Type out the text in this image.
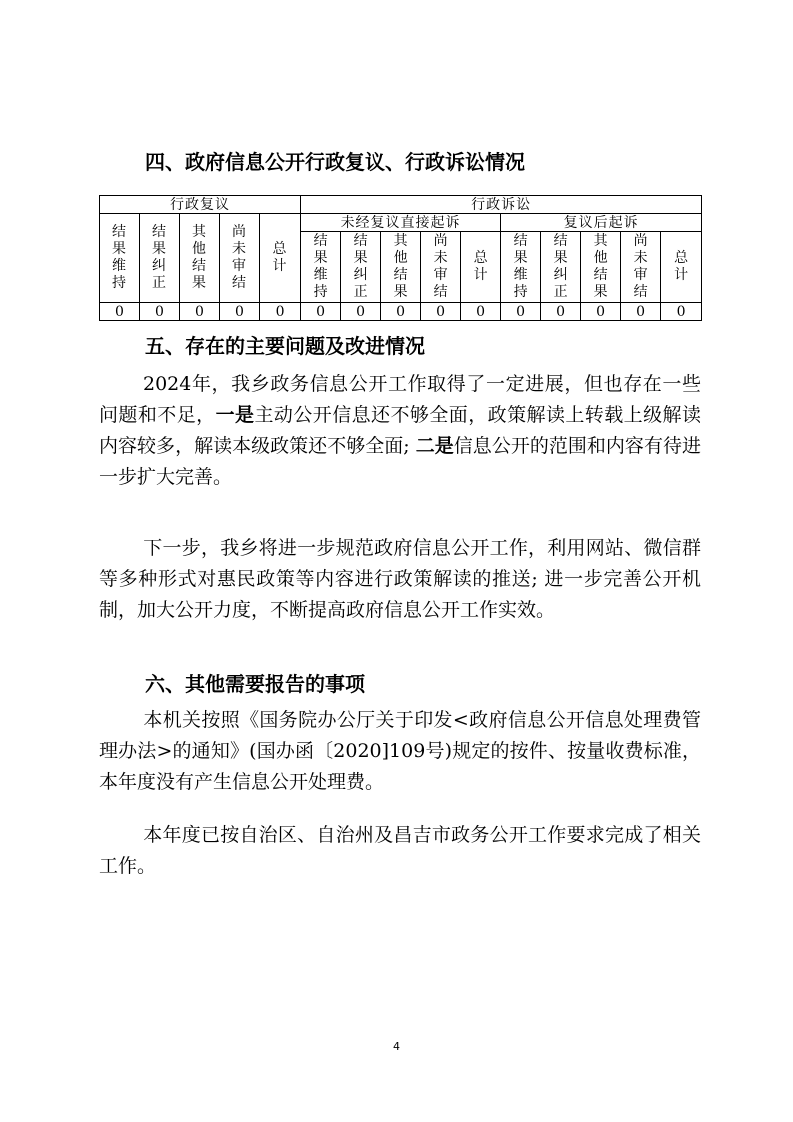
四、政府信息公开行政复议、行政诉讼情况
行政复议					行政诉讼									
结果维持	结果纠正	其他结果	尚未审结	总计	未经复议直接起诉					复议后起诉				
					结果维持	结果纠正	其他结果	尚未审结	总计	结果维持	结果纠正	其他结果	尚未审结	总计
0	0	0	0	0	0	0	0	0	0	0	0	0	0	0
五、存在的主要问题及改进情况

2024年，我乡政务信息公开工作取得了一定进展，但也存在一些问题和不足，一是主动公开信息还不够全面，政策解读上转载上级解读内容较多，解读本级政策还不够全面; 二是信息公开的范围和内容有待进一步扩大完善。

下一步，我乡将进一步规范政府信息公开工作，利用网站、微信群等多种形式对惠民政策等内容进行政策解读的推送; 进一步完善公开机制，加大公开力度，不断提高政府信息公开工作实效。

六、其他需要报告的事项

本机关按照《国务院办公厅关于印发<政府信息公开信息处理费管理办法>的通知》(国办函〔2020]109号)规定的按件、按量收费标准，本年度没有产生信息公开处理费。

本年度已按自治区、自治州及昌吉市政务公开工作要求完成了相关工作。

4
